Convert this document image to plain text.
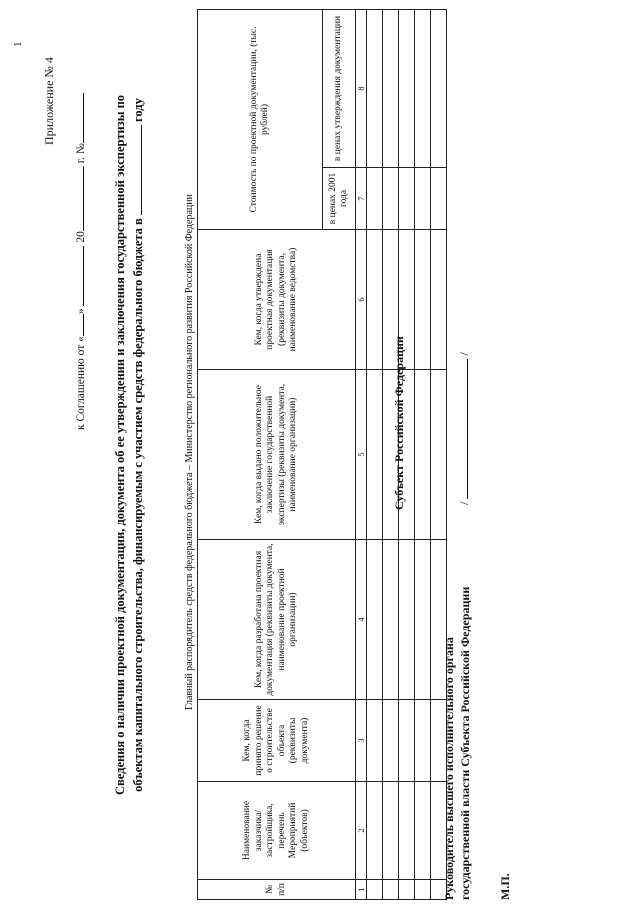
1
Приложение № 4
к Соглашению от «»  20 г. № Сведения о наличии проектной документации, документа об ее утверждении и заключения государственной экспертизы по объектам капитального строительства, финансируемым с участием средств федерального бюджета в  году
Главный распорядитель средств федерального бюджета – Министерство регионального развития Российской Федерации
№ п/п	Наименование заказчика/застройщика, перечень Мероприятий (объектов)	Кем, когда принято решение о строительстве объекта (реквизиты документа)	Кем, когда разработана проектная документация (реквизиты документа, наименование проектной организации)	Кем, когда выдано положительное заключение государственной экспертизы (реквизиты документа, наименование организации)	Кем, когда утверждена проектная документация (реквизиты документа, наименование ведомства)	Стоимость по проектной документации, (тыс. рублей)	
						в ценах 2001 года	в ценах утверждения документации
1	2	3	4	5	6	7	8

Субъект Российской Федерации
Руководитель высшего исполнительного органа государственной власти Субъекта Российской Федерации
/  /
М.П.
